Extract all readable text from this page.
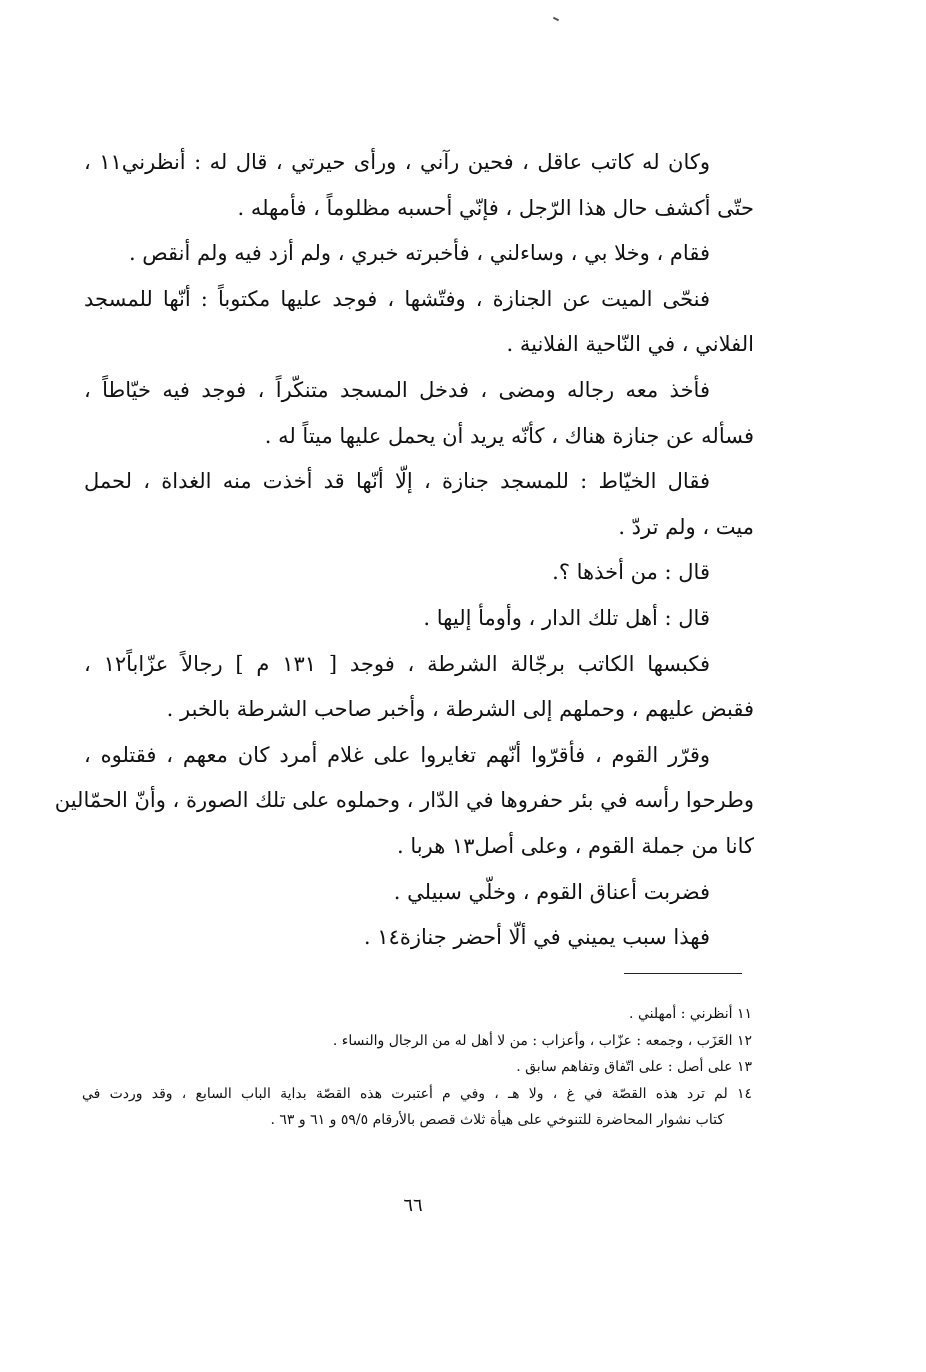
وكان له كاتب عاقل ، فحين رآني ، ورأى حيرتي ، قال له : أنظرني١١ ،
حتّى أكشف حال هذا الرّجل ، فإنّي أحسبه مظلوماً ، فأمهله .
فقام ، وخلا بي ، وساءلني ، فأخبرته خبري ، ولم أزد فيه ولم أنقص .
فنحّى الميت عن الجنازة ، وفتّشها ، فوجد عليها مكتوباً : أنّها للمسجد
الفلاني ، في النّاحية الفلانية .
فأخذ معه رجاله ومضى ، فدخل المسجد متنكّراً ، فوجد فيه خيّاطاً ،
فسأله عن جنازة هناك ، كأنّه يريد أن يحمل عليها ميتاً له .
فقال الخيّاط : للمسجد جنازة ، إلّا أنّها قد أخذت منه الغداة ، لحمل
ميت ، ولم تردّ .
قال : من أخذها ؟.
قال : أهل تلك الدار ، وأومأ إليها .
فكبسها الكاتب برجّالة الشرطة ، فوجد [ ١٣١ م ] رجالاً عزّاباً١٢ ،
فقبض عليهم ، وحملهم إلى الشرطة ، وأخبر صاحب الشرطة بالخبر .
وقرّر القوم ، فأقرّوا أنّهم تغايروا على غلام أمرد كان معهم ، فقتلوه ،
وطرحوا رأسه في بئر حفروها في الدّار ، وحملوه على تلك الصورة ، وأنّ الحمّالين
كانا من جملة القوم ، وعلى أصل١٣ هربا .
فضربت أعناق القوم ، وخلّي سبيلي .
فهذا سبب يميني في ألّا أحضر جنازة١٤ .
١١ أنظرني : أمهلني .
١٢ العَزَب ، وجمعه : عزّاب ، وأعزاب : من لا أهل له من الرجال والنساء .
١٣ على أصل : على اتّفاق وتفاهم سابق .
١٤ لم ترد هذه القصّة في غ ، ولا هـ ، وفي م أعتبرت هذه القصّة بداية الباب السابع ، وقد وردت في
كتاب نشوار المحاضرة للتنوخي على هيأة ثلاث قصص بالأرقام ٥٩/٥ و ٦١ و ٦٣ .
٦٦
